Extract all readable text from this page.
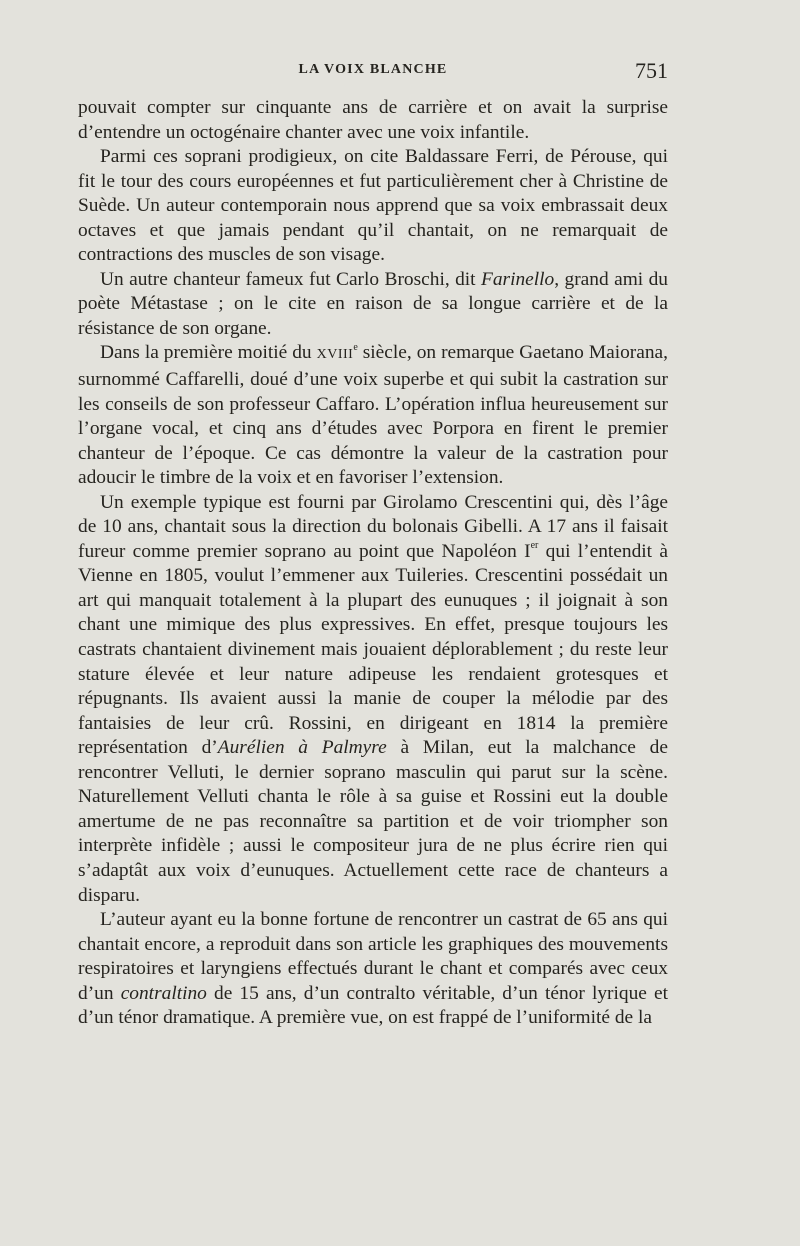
LA VOIX BLANCHE	751

pouvait compter sur cinquante ans de carrière et on avait la surprise d’entendre un octogénaire chanter avec une voix infantile.

Parmi ces soprani prodigieux, on cite Baldassare Ferri, de Pérouse, qui fit le tour des cours européennes et fut particulièrement cher à Christine de Suède. Un auteur contemporain nous apprend que sa voix embrassait deux octaves et que jamais pendant qu’il chantait, on ne remarquait de contractions des muscles de son visage.

Un autre chanteur fameux fut Carlo Broschi, dit Farinello, grand ami du poète Métastase ; on le cite en raison de sa longue carrière et de la résistance de son organe.

Dans la première moitié du XVIIIe siècle, on remarque Gaetano Maiorana, surnommé Caffarelli, doué d’une voix superbe et qui subit la castration sur les conseils de son professeur Caffaro. L’opération influa heureusement sur l’organe vocal, et cinq ans d’études avec Porpora en firent le premier chanteur de l’époque. Ce cas démontre la valeur de la castration pour adoucir le timbre de la voix et en favoriser l’extension.

Un exemple typique est fourni par Girolamo Crescentini qui, dès l’âge de 10 ans, chantait sous la direction du bolonais Gibelli. A 17 ans il faisait fureur comme premier soprano au point que Napoléon Ier qui l’entendit à Vienne en 1805, voulut l’emmener aux Tuileries. Crescentini possédait un art qui manquait totalement à la plupart des eunuques ; il joignait à son chant une mimique des plus expressives. En effet, presque toujours les castrats chantaient divinement mais jouaient déplorablement ; du reste leur stature élevée et leur nature adipeuse les rendaient grotesques et répugnants. Ils avaient aussi la manie de couper la mélodie par des fantaisies de leur crû. Rossini, en dirigeant en 1814 la première représentation d’Aurélien à Palmyre à Milan, eut la malchance de rencontrer Velluti, le dernier soprano masculin qui parut sur la scène. Naturellement Velluti chanta le rôle à sa guise et Rossini eut la double amertume de ne pas reconnaître sa partition et de voir triompher son interprète infidèle ; aussi le compositeur jura de ne plus écrire rien qui s’adaptât aux voix d’eunuques. Actuellement cette race de chanteurs a disparu.

L’auteur ayant eu la bonne fortune de rencontrer un castrat de 65 ans qui chantait encore, a reproduit dans son article les graphiques des mouvements respiratoires et laryngiens effectués durant le chant et comparés avec ceux d’un contraltino de 15 ans, d’un contralto véritable, d’un ténor lyrique et d’un ténor dramatique. A première vue, on est frappé de l’uniformité de la
